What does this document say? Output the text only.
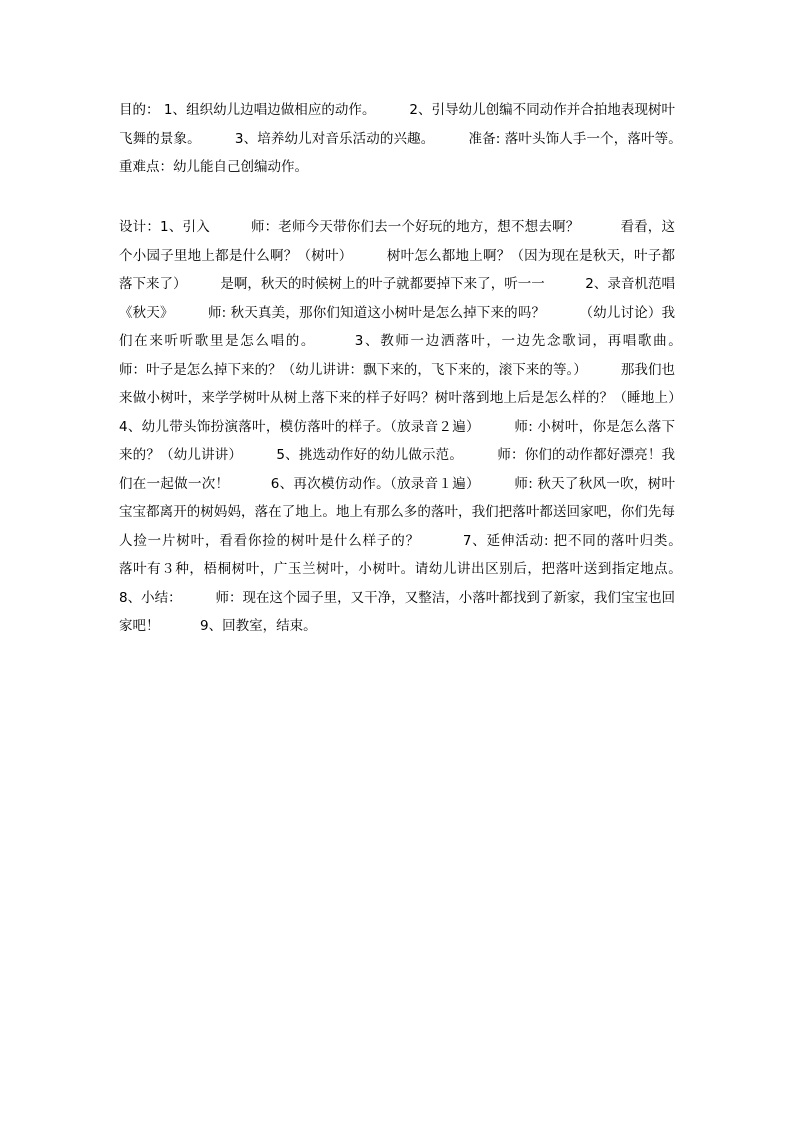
目的： 1、组织幼儿边唱边做相应的动作。　　　2、引导幼儿创编不同动作并合拍地表现树叶飞舞的景象。　　　3、培养幼儿对音乐活动的兴趣。　　　准备: 落叶头饰人手一个，落叶等。　　　重难点：幼儿能自己创编动作。

设计：1、引入　　　师：老师今天带你们去一个好玩的地方，想不想去啊？　　　看看，这个小园子里地上都是什么啊？（树叶）　　　树叶怎么都地上啊？（因为现在是秋天，叶子都落下来了）　　　是啊，秋天的时候树上的叶子就都要掉下来了，听一一　　　2、录音机范唱《秋天》　　　师: 秋天真美，那你们知道这小树叶是怎么掉下来的吗？　　　（幼儿讨论）我们在来听听歌里是怎么唱的。　　　3、教师一边洒落叶，一边先念歌词，再唱歌曲。　　　师：叶子是怎么掉下来的？（幼儿讲讲：飘下来的，飞下来的，滚下来的等。）　　　那我们也来做小树叶，来学学树叶从树上落下来的样子好吗？树叶落到地上后是怎么样的？（睡地上）　　　4、幼儿带头饰扮演落叶，模仿落叶的样子。（放录音２遍）　　　师: 小树叶，你是怎么落下来的？（幼儿讲讲）　　　5、挑选动作好的幼儿做示范。　　　师：你们的动作都好漂亮！我们在一起做一次！　　　6、再次模仿动作。（放录音１遍）　　　师: 秋天了秋风一吹，树叶宝宝都离开的树妈妈，落在了地上。地上有那么多的落叶，我们把落叶都送回家吧，你们先每人捡一片树叶，看看你捡的树叶是什么样子的？　　　7、延伸活动: 把不同的落叶归类。　　　落叶有３种，梧桐树叶，广玉兰树叶，小树叶。请幼儿讲出区别后，把落叶送到指定地点。　　　8、小结：　　　师：现在这个园子里，又干净，又整洁，小落叶都找到了新家，我们宝宝也回家吧！　　　9、回教室，结束。
